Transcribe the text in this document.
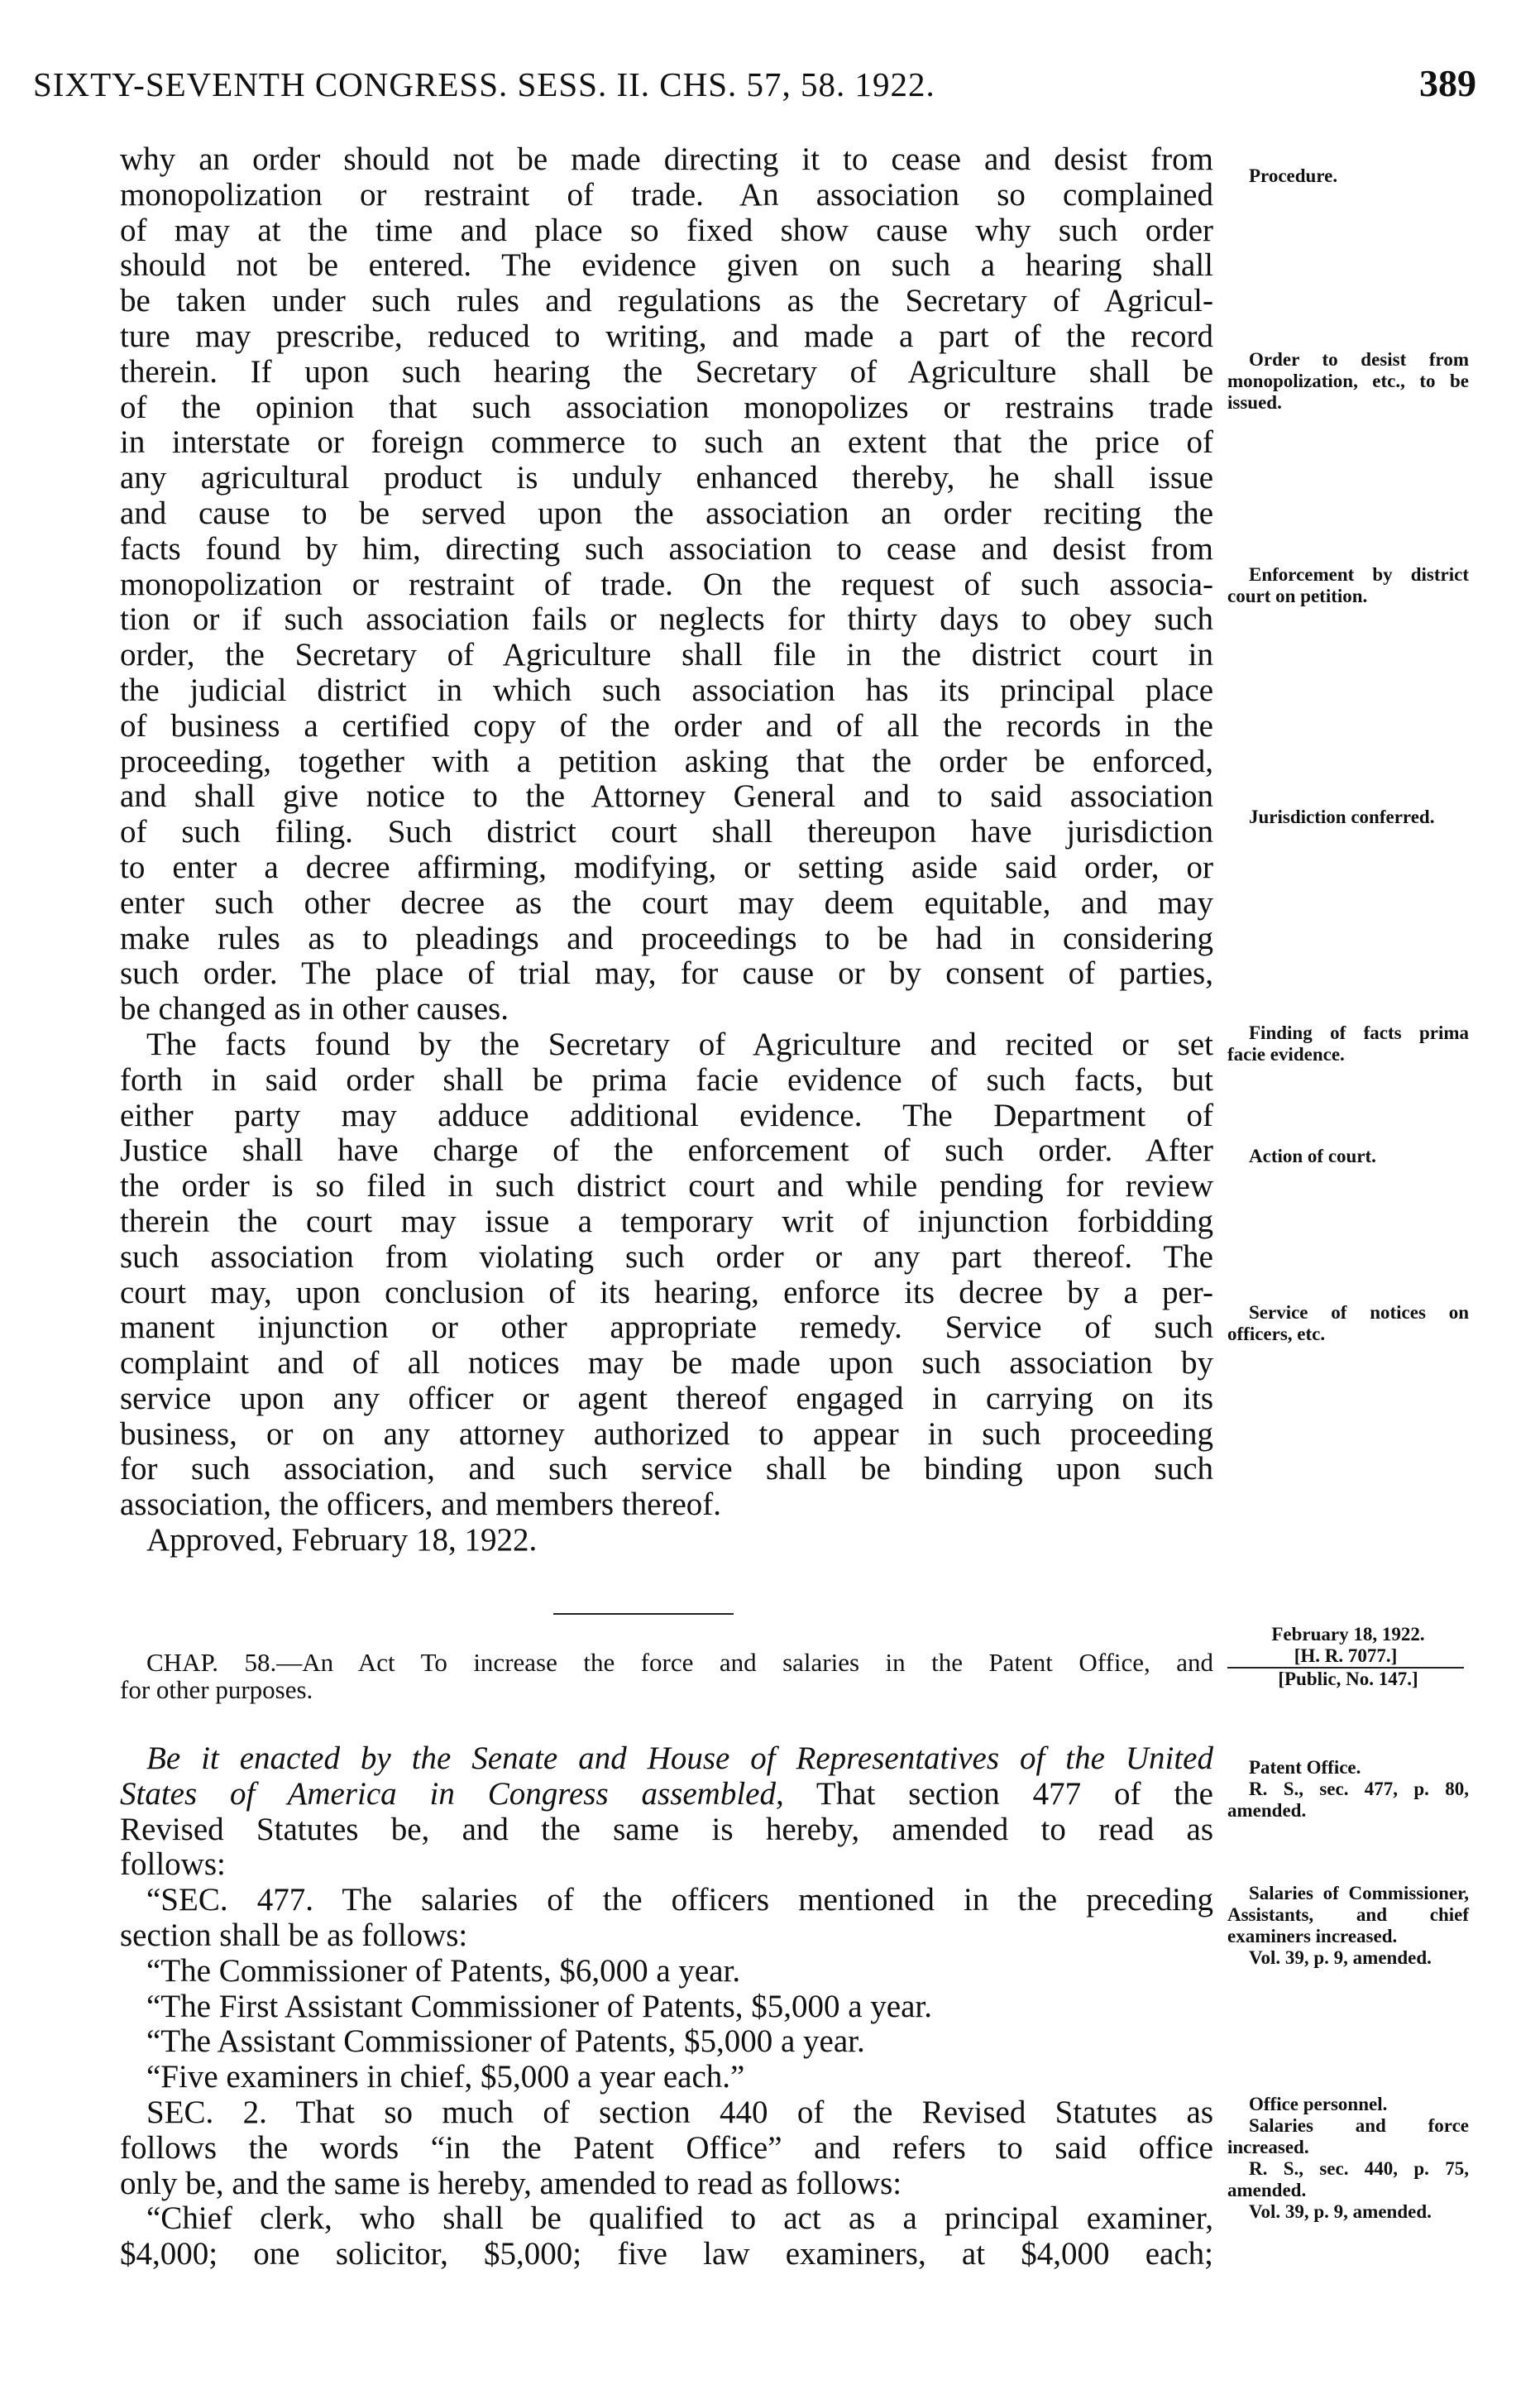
SIXTY-SEVENTH CONGRESS. SESS. II. CHS. 57, 58. 1922.	389
why an order should not be made directing it to cease and desist from
monopolization or restraint of trade. An association so complained
of may at the time and place so fixed show cause why such order
should not be entered. The evidence given on such a hearing shall
be taken under such rules and regulations as the Secretary of Agricul-
ture may prescribe, reduced to writing, and made a part of the record
therein. If upon such hearing the Secretary of Agriculture shall be
of the opinion that such association monopolizes or restrains trade
in interstate or foreign commerce to such an extent that the price of
any agricultural product is unduly enhanced thereby, he shall issue
and cause to be served upon the association an order reciting the
facts found by him, directing such association to cease and desist from
monopolization or restraint of trade. On the request of such associa-
tion or if such association fails or neglects for thirty days to obey such
order, the Secretary of Agriculture shall file in the district court in
the judicial district in which such association has its principal place
of business a certified copy of the order and of all the records in the
proceeding, together with a petition asking that the order be enforced,
and shall give notice to the Attorney General and to said association
of such filing. Such district court shall thereupon have jurisdiction
to enter a decree affirming, modifying, or setting aside said order, or
enter such other decree as the court may deem equitable, and may
make rules as to pleadings and proceedings to be had in considering
such order. The place of trial may, for cause or by consent of parties,
be changed as in other causes.
The facts found by the Secretary of Agriculture and recited or set
forth in said order shall be prima facie evidence of such facts, but
either party may adduce additional evidence. The Department of
Justice shall have charge of the enforcement of such order. After
the order is so filed in such district court and while pending for review
therein the court may issue a temporary writ of injunction forbidding
such association from violating such order or any part thereof. The
court may, upon conclusion of its hearing, enforce its decree by a per-
manent injunction or other appropriate remedy. Service of such
complaint and of all notices may be made upon such association by
service upon any officer or agent thereof engaged in carrying on its
business, or on any attorney authorized to appear in such proceeding
for such association, and such service shall be binding upon such
association, the officers, and members thereof.
Approved, February 18, 1922.
CHAP. 58.—An Act To increase the force and salaries in the Patent Office, and
for other purposes.
Be it enacted by the Senate and House of Representatives of the United
States of America in Congress assembled, That section 477 of the
Revised Statutes be, and the same is hereby, amended to read as
follows:
“SEC. 477. The salaries of the officers mentioned in the preceding
section shall be as follows:
“The Commissioner of Patents, $6,000 a year.
“The First Assistant Commissioner of Patents, $5,000 a year.
“The Assistant Commissioner of Patents, $5,000 a year.
“Five examiners in chief, $5,000 a year each.”
SEC. 2. That so much of section 440 of the Revised Statutes as
follows the words “in the Patent Office” and refers to said office
only be, and the same is hereby, amended to read as follows:
“Chief clerk, who shall be qualified to act as a principal examiner,
$4,000; one solicitor, $5,000; five law examiners, at $4,000 each;

Procedure.

Order to desist from monopolization, etc., to be issued.

Enforcement by district court on petition.

Jurisdiction conferred.

Finding of facts prima facie evidence.

Action of court.

Service of notices on officers, etc.

February 18, 1922.

[H. R. 7077.]

[Public, No. 147.]

Patent Office.

R. S., sec. 477, p. 80, amended.

Salaries of Commissioner, Assistants, and chief examiners increased.

Vol. 39, p. 9, amended.

Office personnel.

Salaries and force increased.

R. S., sec. 440, p. 75, amended.

Vol. 39, p. 9, amended.
